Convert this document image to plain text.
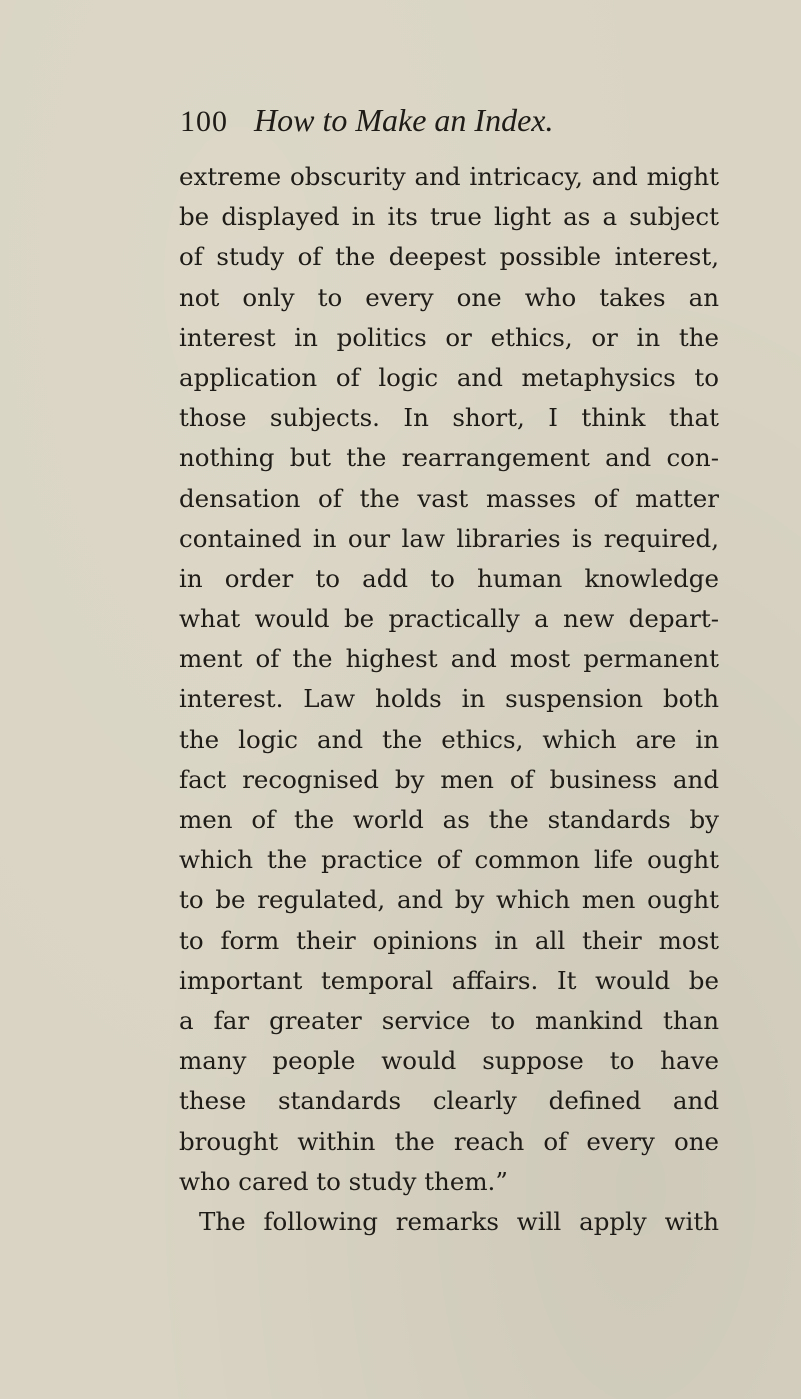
100 How to Make an Index.
extreme obscurity and intricacy, and might
be displayed in its true light as a subject
of study of the deepest possible interest,
not only to every one who takes an
interest in politics or ethics, or in the
application of logic and metaphysics to
those subjects. In short, I think that
nothing but the rearrangement and con-
densation of the vast masses of matter
contained in our law libraries is required,
in order to add to human knowledge
what would be practically a new depart-
ment of the highest and most permanent
interest. Law holds in suspension both
the logic and the ethics, which are in
fact recognised by men of business and
men of the world as the standards by
which the practice of common life ought
to be regulated, and by which men ought
to form their opinions in all their most
important temporal affairs. It would be
a far greater service to mankind than
many people would suppose to have
these standards clearly defined and
brought within the reach of every one
who cared to study them.”
The following remarks will apply with
